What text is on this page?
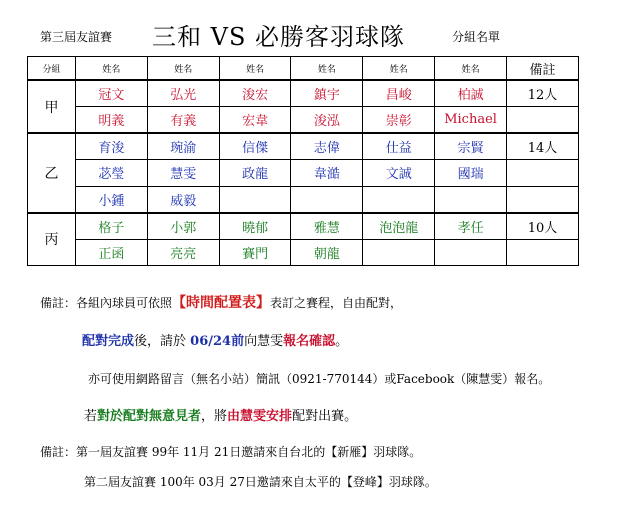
第三屆友誼賽 三和 VS 必勝客羽球隊	分組名單
分組	姓名	姓名	姓名	姓名	姓名	姓名	備註
甲	冠文	弘光	浚宏	鎮宇	昌峻	柏誠	12人
	明義	有義	宏韋	浚泓	崇彰	Michael	
乙	育浚	琬渝	信傑	志偉	仕益	宗賢	14人
	苾瑩	慧雯	政龍	韋澔	文誠	國瑞	
	小鍾	威毅					
丙	格子	小郭	曉郁	雅慧	泡泡龍	孝任	10人
	正函	亮亮	賽門	朝龍			
備註：各組內球員可依照【時間配置表】表訂之賽程，自由配對，
配對完成後，請於 06/24前向慧雯報名確認。
亦可使用網路留言（無名小站）簡訊（0921-770144）或Facebook（陳慧雯）報名。
若對於配對無意見者，將由慧雯安排配對出賽。
備註：第一屆友誼賽 99年 11月 21日邀請來自台北的【新雁】羽球隊。
第二屆友誼賽 100年 03月 27日邀請來自太平的【登峰】羽球隊。
